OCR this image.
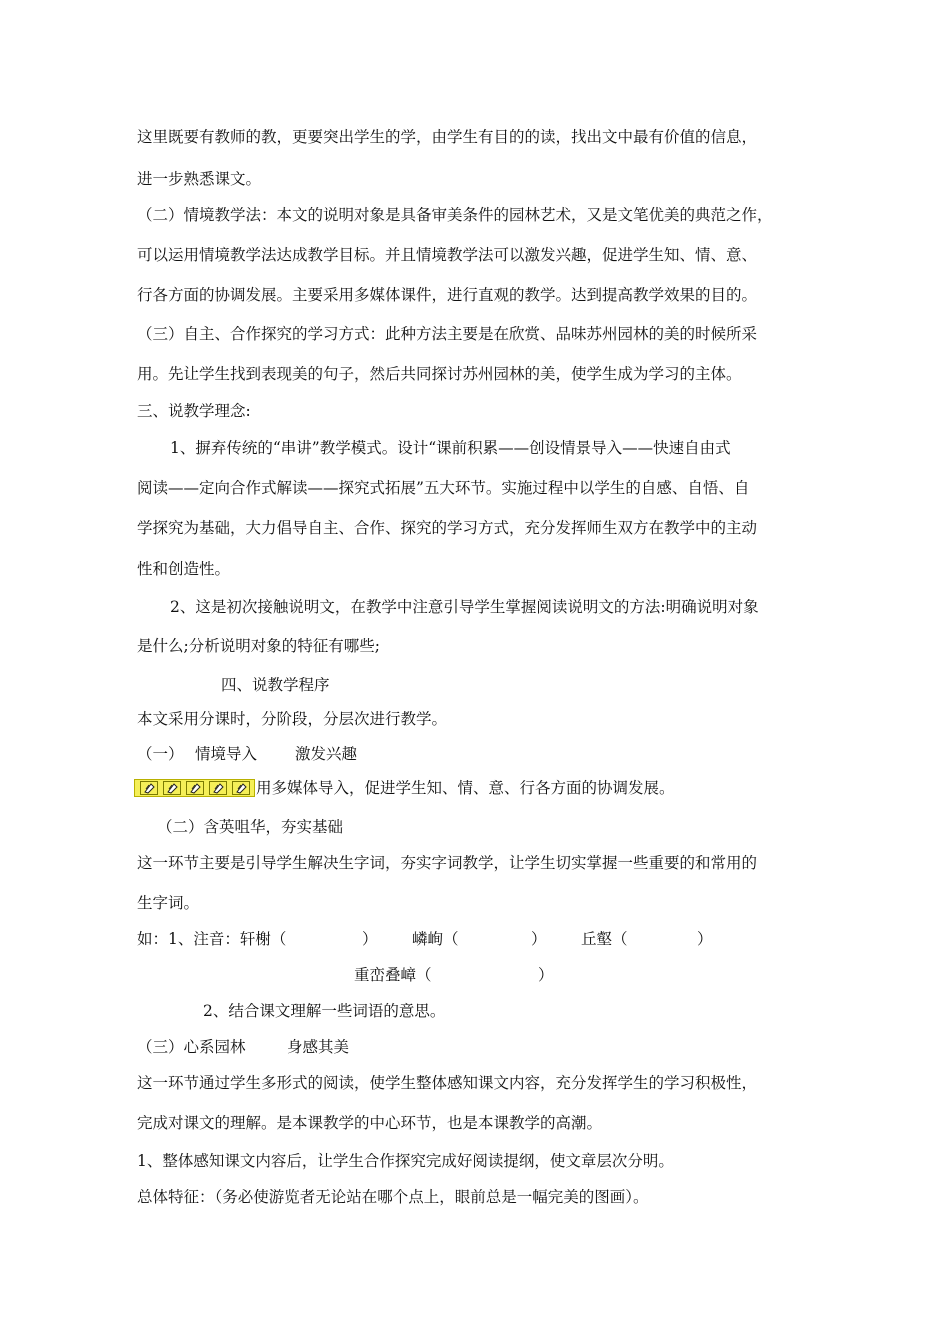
这里既要有教师的教，更要突出学生的学，由学生有目的的读，找出文中最有价值的信息，
进一步熟悉课文。
（二）情境教学法：本文的说明对象是具备审美条件的园林艺术，又是文笔优美的典范之作，
可以运用情境教学法达成教学目标。并且情境教学法可以激发兴趣，促进学生知、情、意、
行各方面的协调发展。主要采用多媒体课件，进行直观的教学。达到提高教学效果的目的。
（三）自主、合作探究的学习方式：此种方法主要是在欣赏、品味苏州园林的美的时候所采
用。先让学生找到表现美的句子，然后共同探讨苏州园林的美，使学生成为学习的主体。
三、说教学理念:
1、摒弃传统的“串讲”教学模式。设计“课前积累——创设情景导入——快速自由式
阅读——定向合作式解读——探究式拓展”五大环节。实施过程中以学生的自感、自悟、自
学探究为基础，大力倡导自主、合作、探究的学习方式，充分发挥师生双方在教学中的主动
性和创造性。
2、这是初次接触说明文，在教学中注意引导学生掌握阅读说明文的方法:明确说明对象
是什么;分析说明对象的特征有哪些;
四、说教学程序
本文采用分课时，分阶段，分层次进行教学。
（一） 情境导入 激发兴趣
用多媒体导入，促进学生知、情、意、行各方面的协调发展。
（二）含英咀华，夯实基础
这一环节主要是引导学生解决生字词，夯实字词教学，让学生切实掌握一些重要的和常用的
生字词。
如：1、注音：轩榭（	） 嶙峋（	） 丘壑（	）
重峦叠嶂（	）
2、结合课文理解一些词语的意思。
（三）心系园林	身感其美
这一环节通过学生多形式的阅读，使学生整体感知课文内容，充分发挥学生的学习积极性，
完成对课文的理解。是本课教学的中心环节，也是本课教学的高潮。
1、整体感知课文内容后，让学生合作探究完成好阅读提纲，使文章层次分明。
总体特征：（务必使游览者无论站在哪个点上，眼前总是一幅完美的图画）。
